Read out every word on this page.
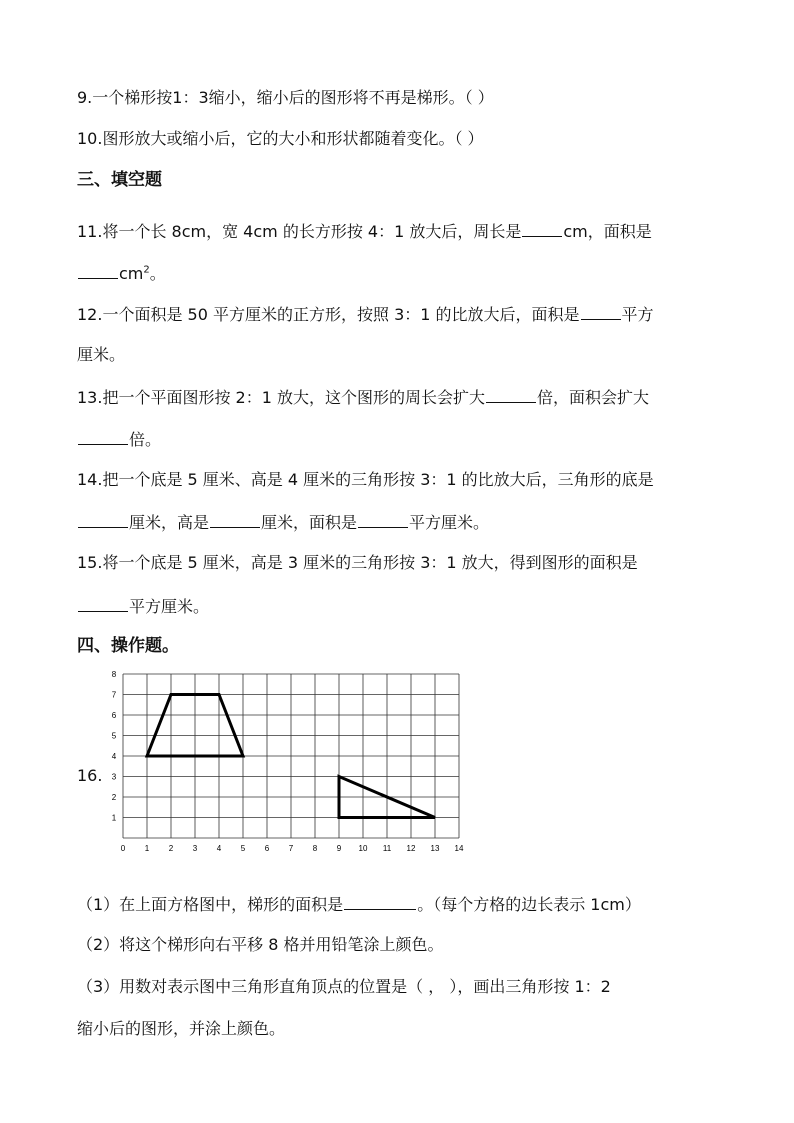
9.一个梯形按1：3缩小，缩小后的图形将不再是梯形。（ ）
10.图形放大或缩小后，它的大小和形状都随着变化。（ ）
三、填空题
11.将一个长 8cm，宽 4cm 的长方形按 4：1 放大后，周长是	cm，面积是
$cm^2$。
12.一个面积是 50 平方厘米的正方形，按照 3：1 的比放大后，面积是	平方
厘米。
13.把一个平面图形按 2：1 放大，这个图形的周长会扩大	倍，面积会扩大
倍。
14.把一个底是 5 厘米、高是 4 厘米的三角形按 3：1 的比放大后，三角形的底是
厘米，高是	厘米，面积是	平方厘米。
15.将一个底是 5 厘米，高是 3 厘米的三角形按 3：1 放大，得到图形的面积是
平方厘米。
四、操作题。
16.
0 1 2 3 4 5 6 7 8 9 10 11 12 13 14
1
2
3
4
5
6
7
8
（1）在上面方格图中，梯形的面积是	。（每个方格的边长表示 1cm）
（2）将这个梯形向右平移 8 格并用铅笔涂上颜色。
（3）用数对表示图中三角形直角顶点的位置是（ ， ），画出三角形按 1：2
缩小后的图形，并涂上颜色。
